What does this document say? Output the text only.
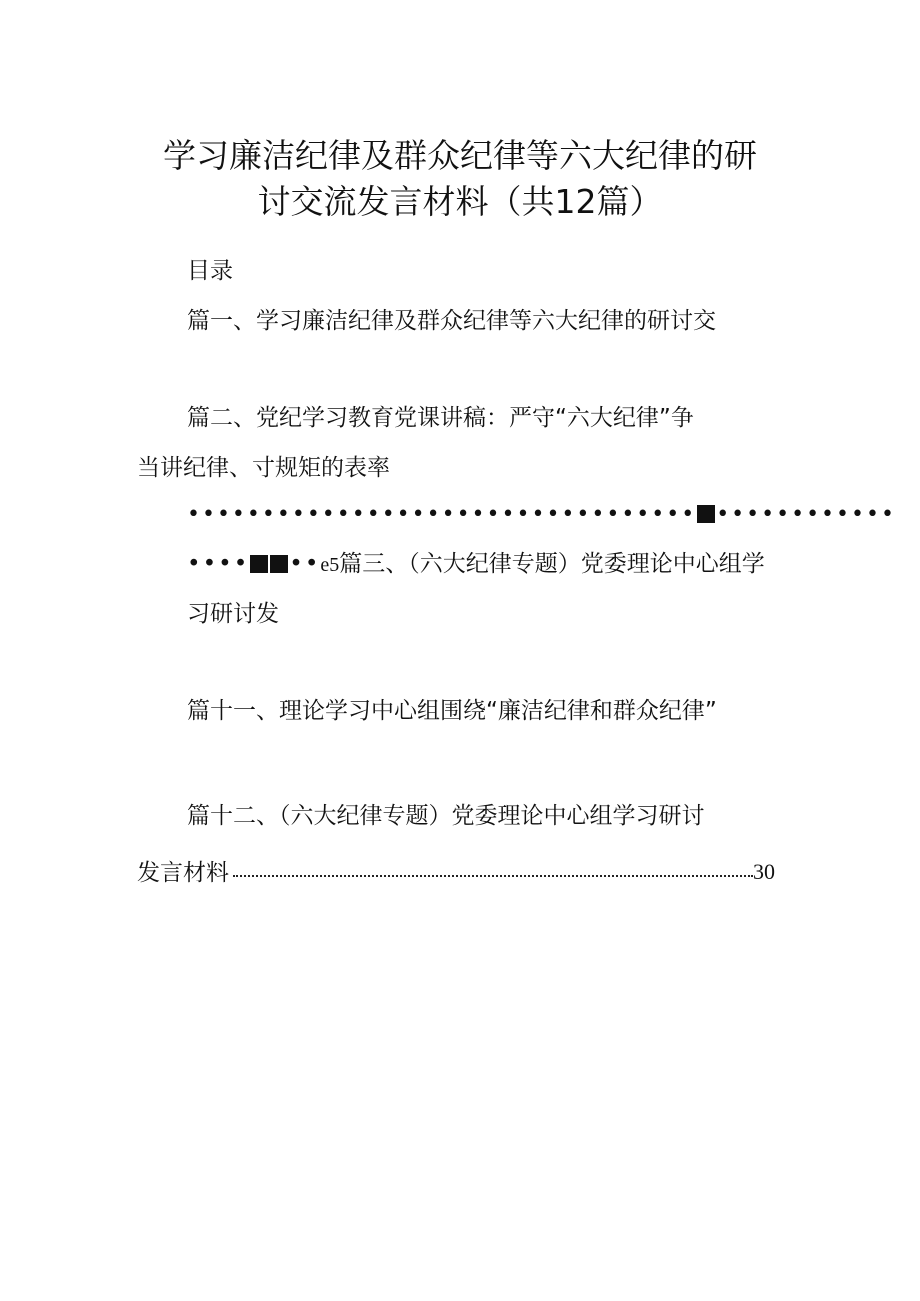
学习廉洁纪律及群众纪律等六大纪律的研
讨交流发言材料（共12篇）
目录
篇一、学习廉洁纪律及群众纪律等六大纪律的研讨交
篇二、党纪学习教育党课讲稿：严守“六大纪律”争
当讲纪律、寸规矩的表率
•••••••••••••••••••••••••••••••••• ••••••••••••
•••• ••e5篇三、（六大纪律专题）党委理论中心组学
习研讨发
篇十一、理论学习中心组围绕“廉洁纪律和群众纪律”
篇十二、（六大纪律专题）党委理论中心组学习研讨
发言材料	30
